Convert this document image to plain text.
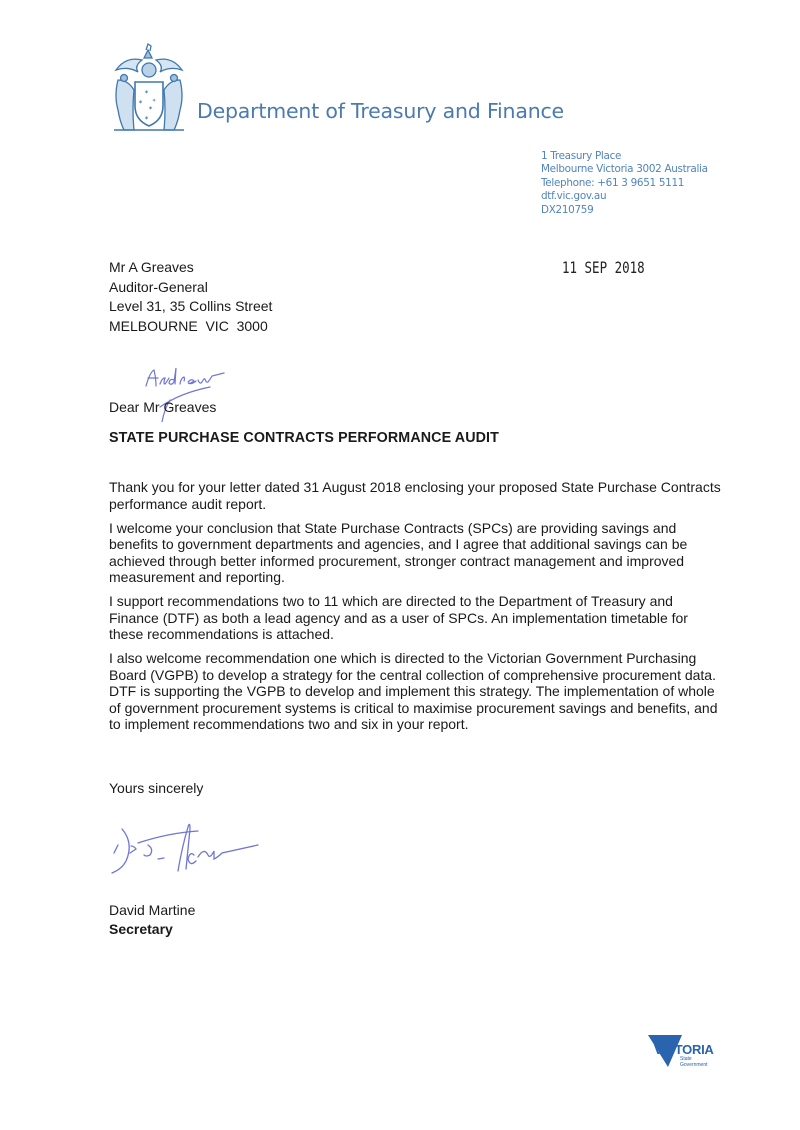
✶
✶ ✶
✶
✶ Department of Treasury and Finance
1 Treasury Place
Melbourne Victoria 3002 Australia
Telephone: +61 3 9651 5111
dtf.vic.gov.au
DX210759
11 SEP 2018
Mr A Greaves
Auditor-General
Level 31, 35 Collins Street
MELBOURNE  VIC  3000
Dear Mr Greaves
STATE PURCHASE CONTRACTS PERFORMANCE AUDIT

Thank you for your letter dated 31 August 2018 enclosing your proposed State Purchase Contracts performance audit report.

I welcome your conclusion that State Purchase Contracts (SPCs) are providing savings and benefits to government departments and agencies, and I agree that additional savings can be achieved through better informed procurement, stronger contract management and improved measurement and reporting.

I support recommendations two to 11 which are directed to the Department of Treasury and Finance (DTF) as both a lead agency and as a user of SPCs. An implementation timetable for these recommendations is attached.

I also welcome recommendation one which is directed to the Victorian Government Purchasing Board (VGPB) to develop a strategy for the central collection of comprehensive procurement data. DTF is supporting the VGPB to develop and implement this strategy. The implementation of whole of government procurement systems is critical to maximise procurement savings and benefits, and to implement recommendations two and six in your report.

Yours sincerely
David Martine
Secretary
VICTORIA
State
Government
